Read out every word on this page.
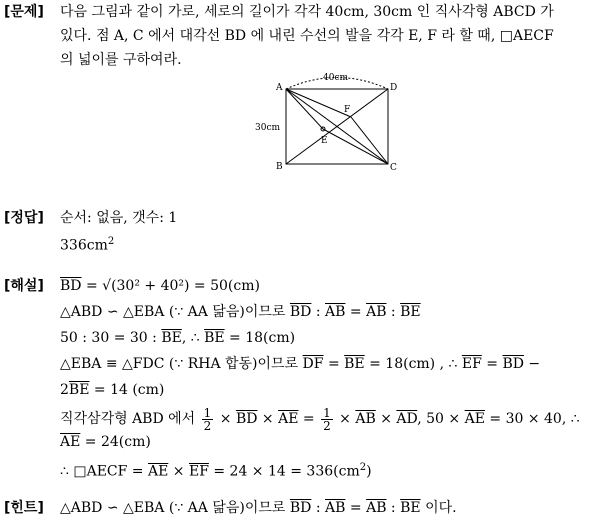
[문제] 다음 그림과 같이 가로, 세로의 길이가 각각 40cm, 30cm 인 직사각형 ABCD 가
있다. 점 A, C 에서 대각선 BD 에 내린 수선의 발을 각각 E, F 라 할 때, □AECF
의 넓이를 구하여라.
A
B	C
D
E
F
40cm
30cm
[정답] 순서: 없음, 갯수: 1
$336cm^2$
[해설] $\overline{BD} = √(30^2 + 40^2) = 50(cm)$
△ABD ∽ △EBA (∵ AA 닮음)이므로 $\overline{BD}$ : $\overline{AB} = \overline{AB}$ : $\overline{BE}$
50 : 30 = 30 : $\overline{BE}$, ∴ $\overline{BE} = 18(cm)$
△EBA ≡ △FDC (∵ RHA 합동)이므로 $\overline{DF} = \overline{BE} = 18(cm)$ , ∴ $\overline{EF} = \overline{BD}$ −
$2\overline{BE} = 14$ (cm)
직각삼각형 ABD 에서 $\frac{1}{2} \times \overline{BD} \times \overline{AE} = \frac{1}{2} \times \overline{AB} \times \overline{AD}$, $50 \times \overline{AE} = 30 \times 40$, ∴
$\overline{AE} = 24(cm)$
∴ □AECF = $\overline{AE} \times \overline{EF} = 24 \times 14 = 336(cm^2)$
[힌트] △ABD ∽ △EBA (∵ AA 닮음)이므로 $\overline{BD}$ : $\overline{AB} = \overline{AB}$ : $\overline{BE}$ 이다.
